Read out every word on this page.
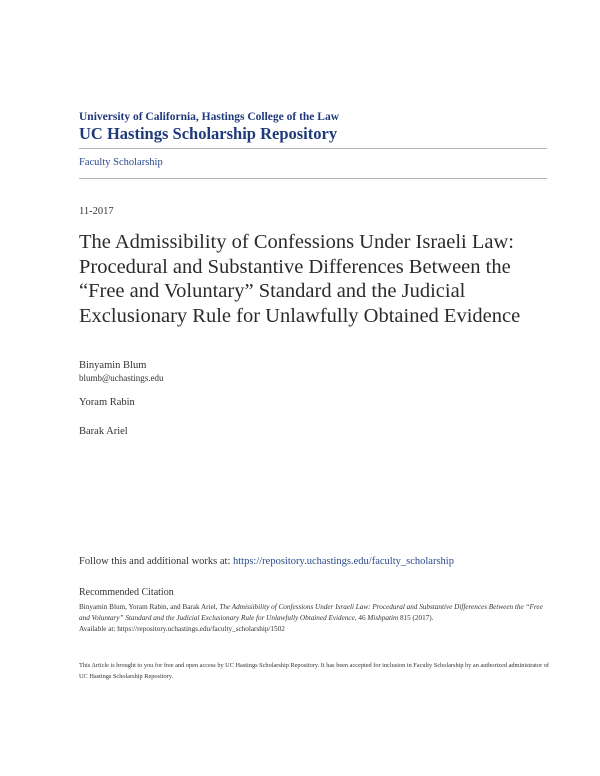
University of California, Hastings College of the Law
UC Hastings Scholarship Repository
Faculty Scholarship
11-2017
The Admissibility of Confessions Under Israeli Law: Procedural and Substantive Differences Between the “Free and Voluntary” Standard and the Judicial Exclusionary Rule for Unlawfully Obtained Evidence
Binyamin Blum
blumb@uchastings.edu
Yoram Rabin
Barak Ariel
Follow this and additional works at: https://repository.uchastings.edu/faculty_scholarship
Recommended Citation
Binyamin Blum, Yoram Rabin, and Barak Ariel, The Admissibility of Confessions Under Israeli Law: Procedural and Substantive Differences Between the “Free and Voluntary” Standard and the Judicial Exclusionary Rule for Unlawfully Obtained Evidence, 46 Mishpatim 815 (2017).
Available at: https://repository.uchastings.edu/faculty_scholarship/1502
This Article is brought to you for free and open access by UC Hastings Scholarship Repository. It has been accepted for inclusion in Faculty Scholarship by an authorized administrator of UC Hastings Scholarship Repository.
